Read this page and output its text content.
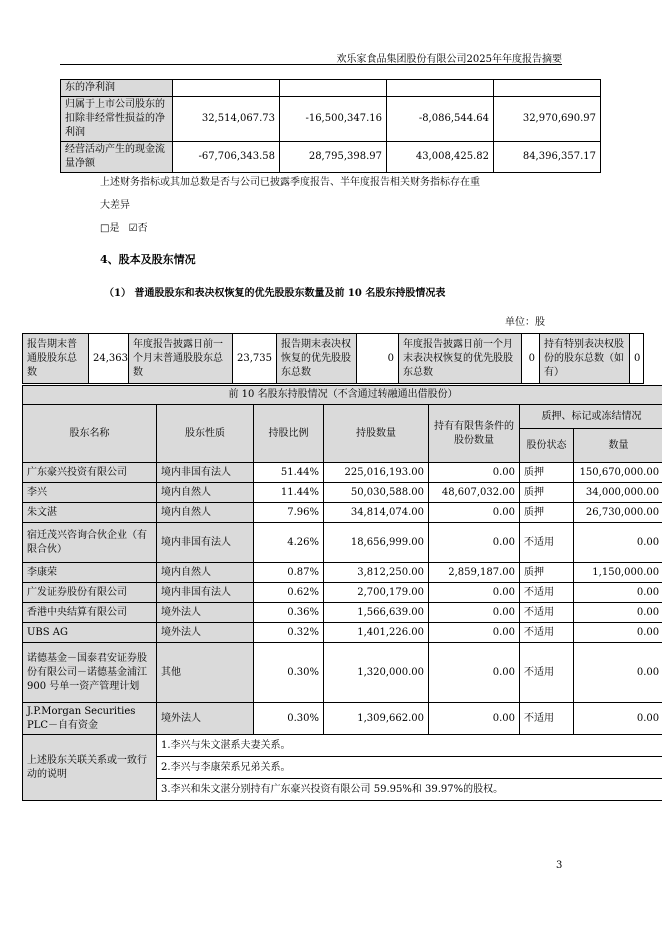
欢乐家食品集团股份有限公司2025年年度报告摘要
东的净利润				
归属于上市公司股东的扣除非经常性损益的净利润	32,514,067.73	-16,500,347.16	-8,086,544.64	32,970,690.97
经营活动产生的现金流量净额	-67,706,343.58	28,795,398.97	43,008,425.82	84,396,357.17
上述财务指标或其加总数是否与公司已披露季度报告、半年度报告相关财务指标存在重
大差异
□是 ☑否
4、股本及股东情况
（1） 普通股股东和表决权恢复的优先股股东数量及前 10 名股东持股情况表
单位：股
报告期末普通股股东总数	24,363	年度报告披露日前一个月末普通股股东总数	23,735	报告期末表决权恢复的优先股股东总数	0	年度报告披露日前一个月末表决权恢复的优先股股东总数	0	持有特别表决权股份的股东总数（如有）	0
前 10 名股东持股情况（不含通过转融通出借股份）						
股东名称	股东性质	持股比例	持股数量	持有有限售条件的股份数量	质押、标记或冻结情况	
					股份状态	数量
广东豪兴投资有限公司	境内非国有法人	51.44%	225,016,193.00	0.00	质押	150,670,000.00
李兴	境内自然人	11.44%	50,030,588.00	48,607,032.00	质押	34,000,000.00
朱文湛	境内自然人	7.96%	34,814,074.00	0.00	质押	26,730,000.00
宿迁茂兴咨询合伙企业（有限合伙）	境内非国有法人	4.26%	18,656,999.00	0.00	不适用	0.00
李康荣	境内自然人	0.87%	3,812,250.00	2,859,187.00	质押	1,150,000.00
广发证券股份有限公司	境内非国有法人	0.62%	2,700,179.00	0.00	不适用	0.00
香港中央结算有限公司	境外法人	0.36%	1,566,639.00	0.00	不适用	0.00
UBS AG	境外法人	0.32%	1,401,226.00	0.00	不适用	0.00
诺德基金－国泰君安证券股份有限公司－诺德基金浦江 900 号单一资产管理计划	其他	0.30%	1,320,000.00	0.00	不适用	0.00
J.P.Morgan Securities PLC－自有资金	境外法人	0.30%	1,309,662.00	0.00	不适用	0.00
上述股东关联关系或一致行动的说明	1.李兴与朱文湛系夫妻关系。					
	2.李兴与李康荣系兄弟关系。					
	3.李兴和朱文湛分别持有广东豪兴投资有限公司 59.95%和 39.97%的股权。					
3
